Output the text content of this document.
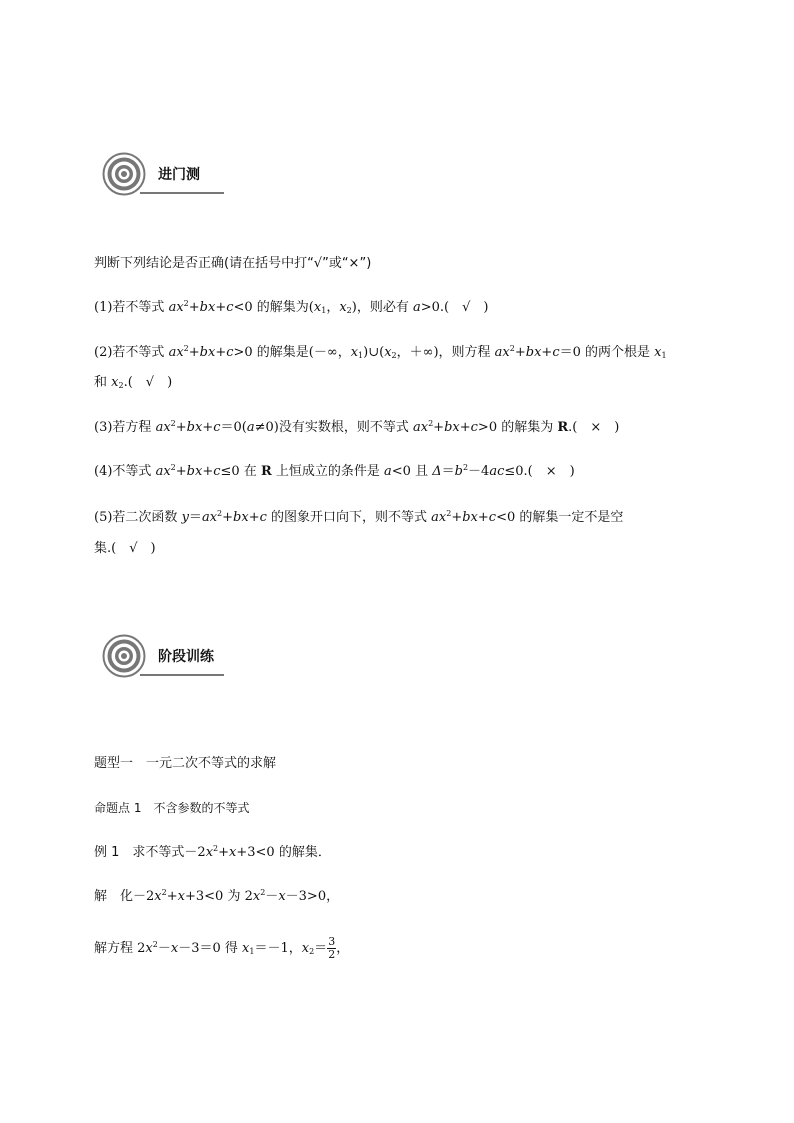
进门测
判断下列结论是否正确(请在括号中打“√”或“×”)
(1)若不等式 $ax^2+bx+c<0$ 的解集为($x_1$，$x_2$)，则必有 a>0.(　√　)
(2)若不等式 $ax^2+bx+c>0$ 的解集是(－∞，$x_1)\cup(x_2$，＋∞)，则方程 $ax^2+bx+c=0$ 的两个根是 $x_1$
和 $x_2$.(　√　)
(3)若方程 $ax^2+bx+c=0(a\ne 0)$没有实数根，则不等式 $ax^2+bx+c>0$ 的解集为 R.(　×　)
(4)不等式 $ax^2+bx+c\le 0$ 在 R 上恒成立的条件是 a<0 且 $\Delta=b^2-4ac\le 0$.(　×　)
(5)若二次函数 $y=ax^2+bx+c$ 的图象开口向下，则不等式 $ax^2+bx+c<0$ 的解集一定不是空
集.(　√　)
阶段训练
题型一　一元二次不等式的求解
命题点 1　不含参数的不等式
例 1　求不等式$-2x^2+x+3<0$ 的解集．
解　化$-2x^2+x+3<0$ 为 $2x^2-x-3>0$，
解方程 $2x^2-x-3=0$ 得 $x_1=-1$，$x_2= \frac{3}{2}$ ，
